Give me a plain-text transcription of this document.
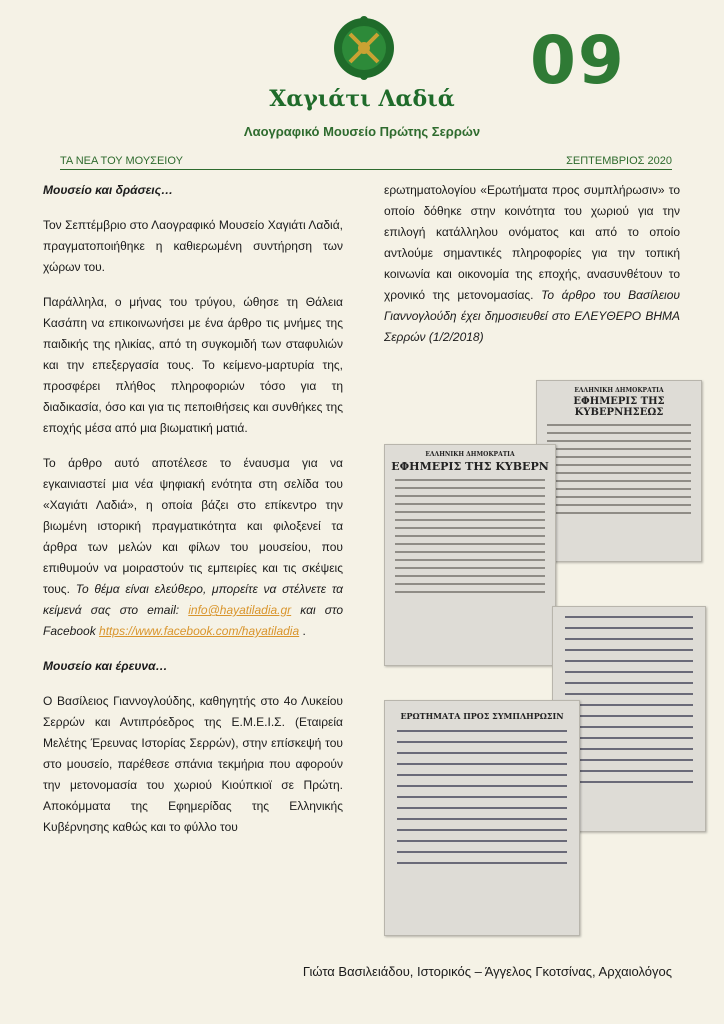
Χαγιάτι Λαδιά	09
Λαογραφικό Μουσείο Πρώτης Σερρών
ΤΑ ΝΕΑ ΤΟΥ ΜΟΥΣΕΙΟΥ	ΣΕΠΤΕΜΒΡΙΟΣ 2020

Μουσείο και δράσεις…

Τον Σεπτέμβριο στο Λαογραφικό Μουσείο Χαγιάτι Λαδιά, πραγματοποιήθηκε η καθιερωμένη συντήρηση των χώρων του.

Παράλληλα, ο μήνας του τρύγου, ώθησε τη Θάλεια Κασάπη να επικοινωνήσει με ένα άρθρο τις μνήμες της παιδικής της ηλικίας, από τη συγκομιδή των σταφυλιών και την επεξεργασία τους. Το κείμενο-μαρτυρία της, προσφέρει πλήθος πληροφοριών τόσο για τη διαδικασία, όσο και για τις πεποιθήσεις και συνθήκες της εποχής μέσα από μια βιωματική ματιά.

Το άρθρο αυτό αποτέλεσε το έναυσμα για να εγκαινιαστεί μια νέα ψηφιακή ενότητα στη σελίδα του «Χαγιάτι Λαδιά», η οποία βάζει στο επίκεντρο την βιωμένη ιστορική πραγματικότητα και φιλοξενεί τα άρθρα των μελών και φίλων του μουσείου, που επιθυμούν να μοιραστούν τις εμπειρίες και τις σκέψεις τους. Το θέμα είναι ελεύθερο, μπορείτε να στέλνετε τα κείμενά σας στο email: info@hayatiladia.gr και στο Facebook https://www.facebook.com/hayatiladia .

Μουσείο και έρευνα…

Ο Βασίλειος Γιαννογλούδης, καθηγητής στο 4ο Λυκείου Σερρών και Αντιπρόεδρος της Ε.Μ.Ε.Ι.Σ. (Εταιρεία Μελέτης Έρευνας Ιστορίας Σερρών), στην επίσκεψή του στο μουσείο, παρέθεσε σπάνια τεκμήρια που αφορούν την μετονομασία του χωριού Κιούπκιοϊ σε Πρώτη. Αποκόμματα της Εφημερίδας της Ελληνικής Κυβέρνησης καθώς και το φύλλο του

ερωτηματολογίου «Ερωτήματα προς συμπλήρωσιν» το οποίο δόθηκε στην κοινότητα του χωριού για την επιλογή κατάλληλου ονόματος και από το οποίο αντλούμε σημαντικές πληροφορίες για την τοπική κοινωνία και οικονομία της εποχής, ανασυνθέτουν το χρονικό της μετονομασίας. Το άρθρο του Βασίλειου Γιαννογλούδη έχει δημοσιευθεί στο ΕΛΕΥΘΕΡΟ ΒΗΜΑ Σερρών (1/2/2018)

ΕΛΛΗΝΙΚΗ ΔΗΜΟΚΡΑΤΙΑ
ΕΦΗΜΕΡΙΣ ΤΗΣ ΚΥΒΕΡΝΗΣΕΩΣ
ΕΛΛΗΝΙΚΗ ΔΗΜΟΚΡΑΤΙΑ
ΕΦΗΜΕΡΙΣ ΤΗΣ ΚΥΒΕΡΝ
ΕΡΩΤΗΜΑΤΑ ΠΡΟΣ ΣΥΜΠΛΗΡΩΣΙΝ
Γιώτα Βασιλειάδου, Ιστορικός – Άγγελος Γκοτσίνας, Αρχαιολόγος
